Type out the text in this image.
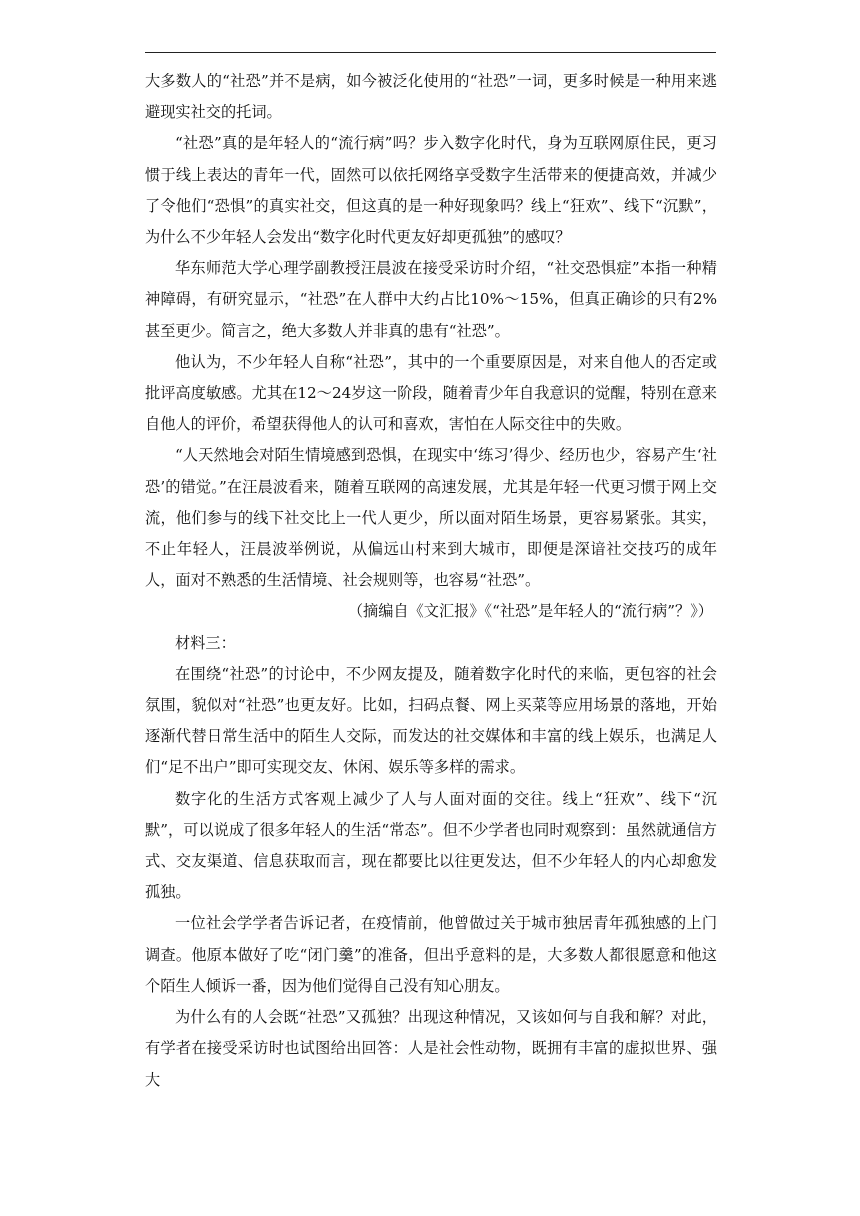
大多数人的“社恐”并不是病，如今被泛化使用的“社恐”一词，更多时候是一种用来逃避现实社交的托词。

“社恐”真的是年轻人的“流行病”吗？步入数字化时代，身为互联网原住民，更习惯于线上表达的青年一代，固然可以依托网络享受数字生活带来的便捷高效，并减少了令他们“恐惧”的真实社交，但这真的是一种好现象吗？线上“狂欢”、线下“沉默”，为什么不少年轻人会发出“数字化时代更友好却更孤独”的感叹？

华东师范大学心理学副教授汪晨波在接受采访时介绍，“社交恐惧症”本指一种精神障碍，有研究显示，“社恐”在人群中大约占比10%～15%，但真正确诊的只有2%甚至更少。简言之，绝大多数人并非真的患有“社恐”。

他认为，不少年轻人自称“社恐”，其中的一个重要原因是，对来自他人的否定或批评高度敏感。尤其在12～24岁这一阶段，随着青少年自我意识的觉醒，特别在意来自他人的评价，希望获得他人的认可和喜欢，害怕在人际交往中的失败。

“人天然地会对陌生情境感到恐惧，在现实中‘练习’得少、经历也少，容易产生‘社恐’的错觉。”在汪晨波看来，随着互联网的高速发展，尤其是年轻一代更习惯于网上交流，他们参与的线下社交比上一代人更少，所以面对陌生场景，更容易紧张。其实，不止年轻人，汪晨波举例说，从偏远山村来到大城市，即便是深谙社交技巧的成年人，面对不熟悉的生活情境、社会规则等，也容易“社恐”。

（摘编自《文汇报》《“社恐”是年轻人的“流行病”？》）

材料三：

在围绕“社恐”的讨论中，不少网友提及，随着数字化时代的来临，更包容的社会氛围，貌似对“社恐”也更友好。比如，扫码点餐、网上买菜等应用场景的落地，开始逐渐代替日常生活中的陌生人交际，而发达的社交媒体和丰富的线上娱乐，也满足人们“足不出户”即可实现交友、休闲、娱乐等多样的需求。

数字化的生活方式客观上减少了人与人面对面的交往。线上“狂欢”、线下“沉默”，可以说成了很多年轻人的生活“常态”。但不少学者也同时观察到：虽然就通信方式、交友渠道、信息获取而言，现在都要比以往更发达，但不少年轻人的内心却愈发孤独。

一位社会学学者告诉记者，在疫情前，他曾做过关于城市独居青年孤独感的上门调查。他原本做好了吃“闭门羹”的准备，但出乎意料的是，大多数人都很愿意和他这个陌生人倾诉一番，因为他们觉得自己没有知心朋友。

为什么有的人会既“社恐”又孤独？出现这种情况，又该如何与自我和解？对此，有学者在接受采访时也试图给出回答：人是社会性动物，既拥有丰富的虚拟世界、强大
